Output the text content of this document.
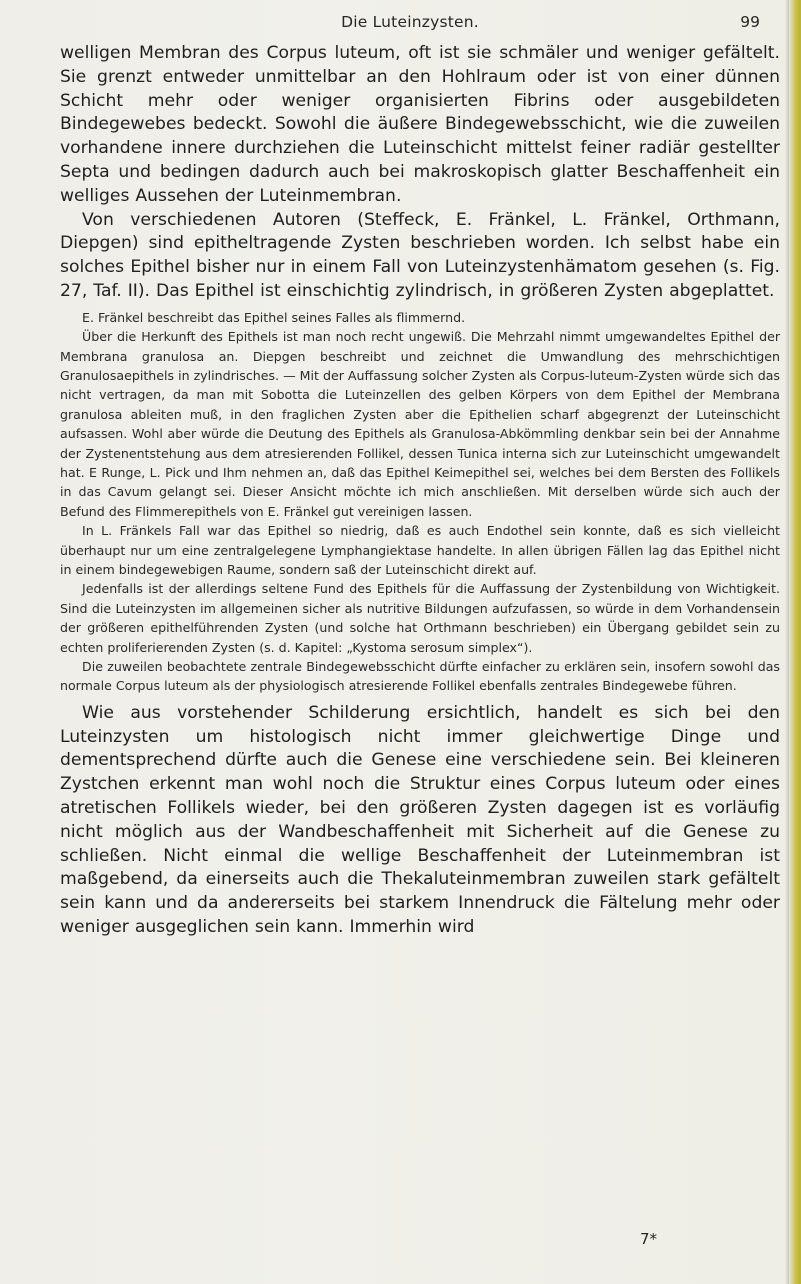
Die Luteinzysten.	99

welligen Membran des Corpus luteum, oft ist sie schmäler und weniger gefältelt. Sie grenzt entweder unmittelbar an den Hohlraum oder ist von einer dünnen Schicht mehr oder weniger organisierten Fibrins oder ausgebildeten Bindegewebes bedeckt. Sowohl die äußere Bindegewebsschicht, wie die zuweilen vorhandene innere durchziehen die Luteinschicht mittelst feiner radiär gestellter Septa und bedingen dadurch auch bei makroskopisch glatter Beschaffenheit ein welliges Aussehen der Luteinmembran.

Von verschiedenen Autoren (Steffeck, E. Fränkel, L. Fränkel, Orthmann, Diepgen) sind epitheltragende Zysten beschrieben worden. Ich selbst habe ein solches Epithel bisher nur in einem Fall von Luteinzystenhämatom gesehen (s. Fig. 27, Taf. II). Das Epithel ist einschichtig zylindrisch, in größeren Zysten abgeplattet.

E. Fränkel beschreibt das Epithel seines Falles als flimmernd.

Über die Herkunft des Epithels ist man noch recht ungewiß. Die Mehrzahl nimmt umgewandeltes Epithel der Membrana granulosa an. Diepgen beschreibt und zeichnet die Umwandlung des mehrschichtigen Granulosaepithels in zylindrisches. — Mit der Auffassung solcher Zysten als Corpus-luteum-Zysten würde sich das nicht vertragen, da man mit Sobotta die Luteinzellen des gelben Körpers von dem Epithel der Membrana granulosa ableiten muß, in den fraglichen Zysten aber die Epithelien scharf abgegrenzt der Luteinschicht aufsassen. Wohl aber würde die Deutung des Epithels als Granulosa-Abkömmling denkbar sein bei der Annahme der Zystenentstehung aus dem atresierenden Follikel, dessen Tunica interna sich zur Luteinschicht umgewandelt hat. E Runge, L. Pick und Ihm nehmen an, daß das Epithel Keimepithel sei, welches bei dem Bersten des Follikels in das Cavum gelangt sei. Dieser Ansicht möchte ich mich anschließen. Mit derselben würde sich auch der Befund des Flimmerepithels von E. Fränkel gut vereinigen lassen.

In L. Fränkels Fall war das Epithel so niedrig, daß es auch Endothel sein konnte, daß es sich vielleicht überhaupt nur um eine zentralgelegene Lymphangiektase handelte. In allen übrigen Fällen lag das Epithel nicht in einem bindegewebigen Raume, sondern saß der Luteinschicht direkt auf.

Jedenfalls ist der allerdings seltene Fund des Epithels für die Auffassung der Zystenbildung von Wichtigkeit. Sind die Luteinzysten im allgemeinen sicher als nutritive Bildungen aufzufassen, so würde in dem Vorhandensein der größeren epithelführenden Zysten (und solche hat Orthmann beschrieben) ein Übergang gebildet sein zu echten proliferierenden Zysten (s. d. Kapitel: „Kystoma serosum simplex“).

Die zuweilen beobachtete zentrale Bindegewebsschicht dürfte einfacher zu erklären sein, insofern sowohl das normale Corpus luteum als der physiologisch atresierende Follikel ebenfalls zentrales Bindegewebe führen.

Wie aus vorstehender Schilderung ersichtlich, handelt es sich bei den Luteinzysten um histologisch nicht immer gleichwertige Dinge und dementsprechend dürfte auch die Genese eine verschiedene sein. Bei kleineren Zystchen erkennt man wohl noch die Struktur eines Corpus luteum oder eines atretischen Follikels wieder, bei den größeren Zysten dagegen ist es vorläufig nicht möglich aus der Wandbeschaffenheit mit Sicherheit auf die Genese zu schließen. Nicht einmal die wellige Beschaffenheit der Luteinmembran ist maßgebend, da einerseits auch die Thekaluteinmembran zuweilen stark gefältelt sein kann und da andererseits bei starkem Innendruck die Fältelung mehr oder weniger ausgeglichen sein kann. Immerhin wird

7*
